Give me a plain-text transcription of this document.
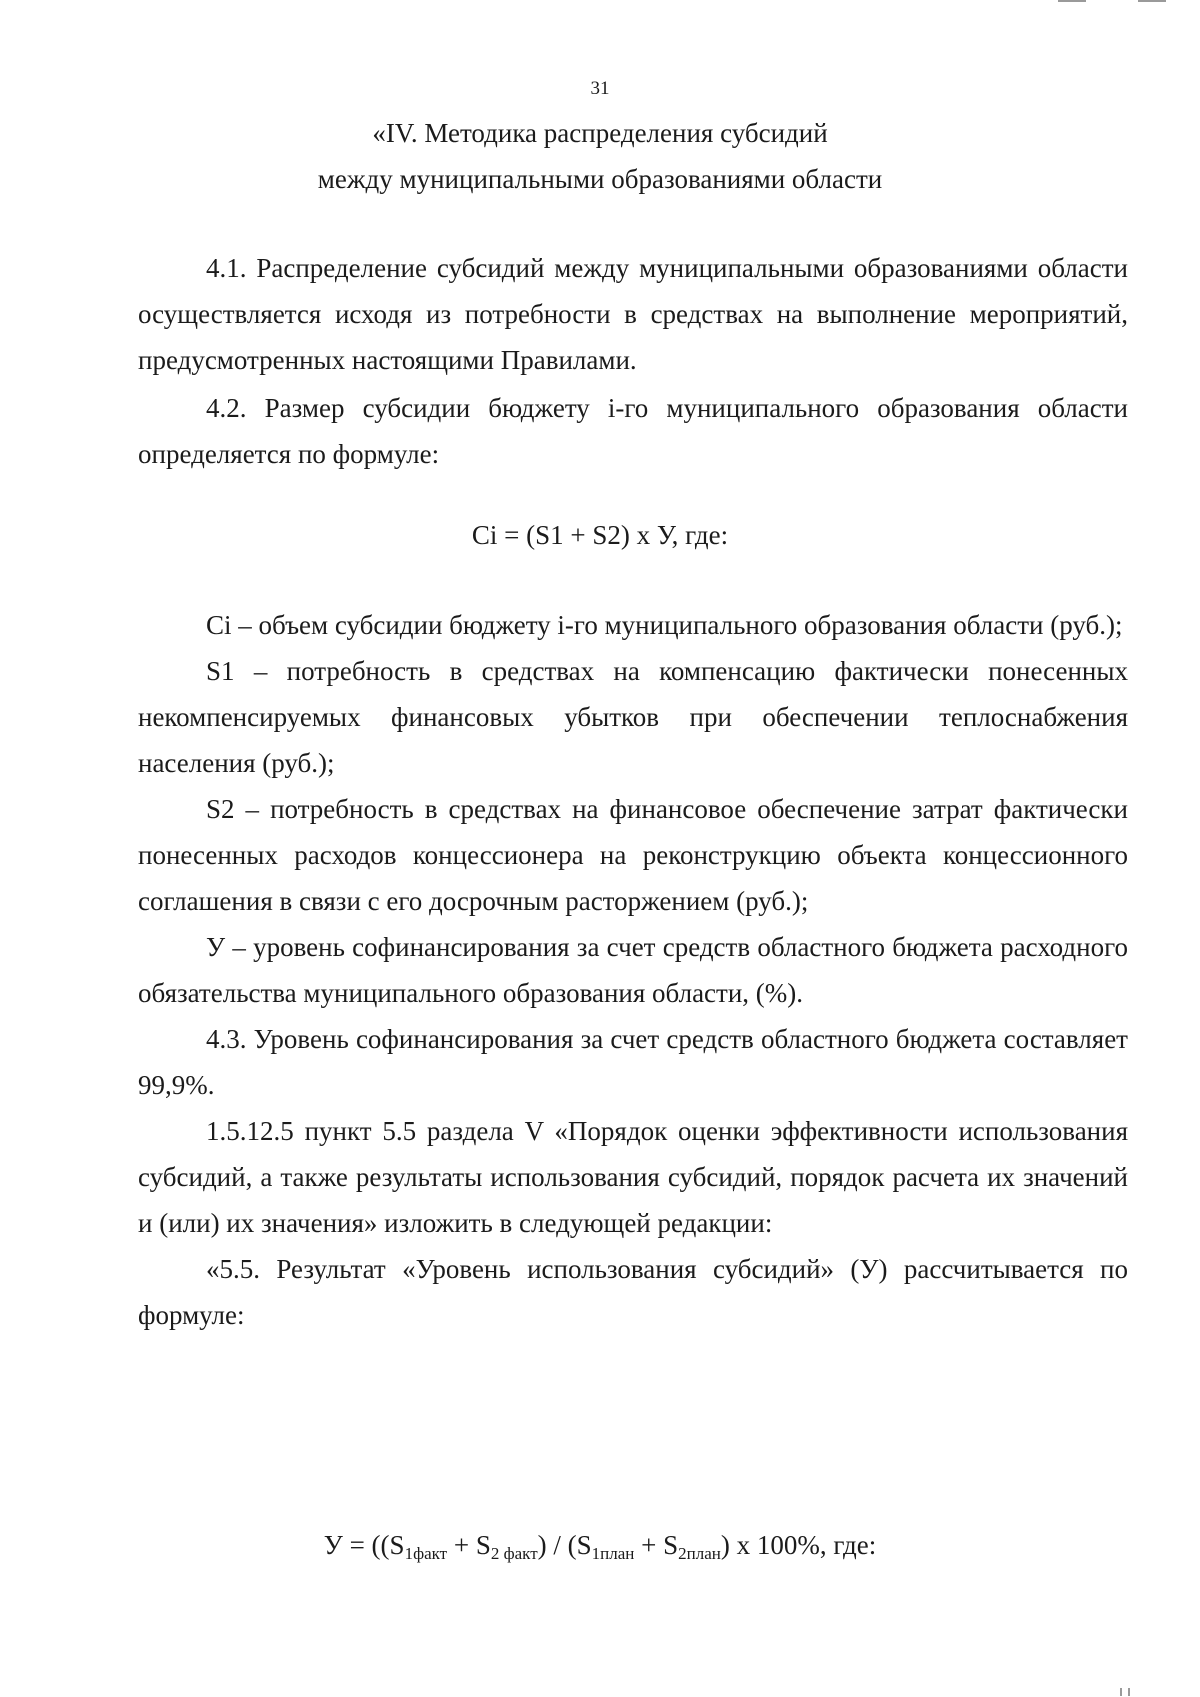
31
«IV. Методика распределения субсидий
между муниципальными образованиями области

4.1. Распределение субсидий между муниципальными образованиями области осуществляется исходя из потребности в средствах на выполнение мероприятий, предусмотренных настоящими Правилами.

4.2. Размер субсидии бюджету i-го муниципального образования области определяется по формуле:

Ci = (S1 + S2) x У, где:

Ci – объем субсидии бюджету i-го муниципального образования области (руб.);

S1 – потребность в средствах на компенсацию фактически понесенных некомпенсируемых финансовых убытков при обеспечении теплоснабжения населения (руб.);

S2 – потребность в средствах на финансовое обеспечение затрат фактически понесенных расходов концессионера на реконструкцию объекта концессионного соглашения в связи с его досрочным расторжением (руб.);

У – уровень софинансирования за счет средств областного бюджета расходного обязательства муниципального образования области, (%).

4.3. Уровень софинансирования за счет средств областного бюджета составляет 99,9%.

1.5.12.5 пункт 5.5 раздела V «Порядок оценки эффективности использования субсидий, а также результаты использования субсидий, порядок расчета их значений и (или) их значения» изложить в следующей редакции:

«5.5. Результат «Уровень использования субсидий» (У) рассчитывается по формуле:

$У = ((S_{1факт} + S_{2 факт}) / (S_{1план} + S_{2план})$ x 100%, где:
